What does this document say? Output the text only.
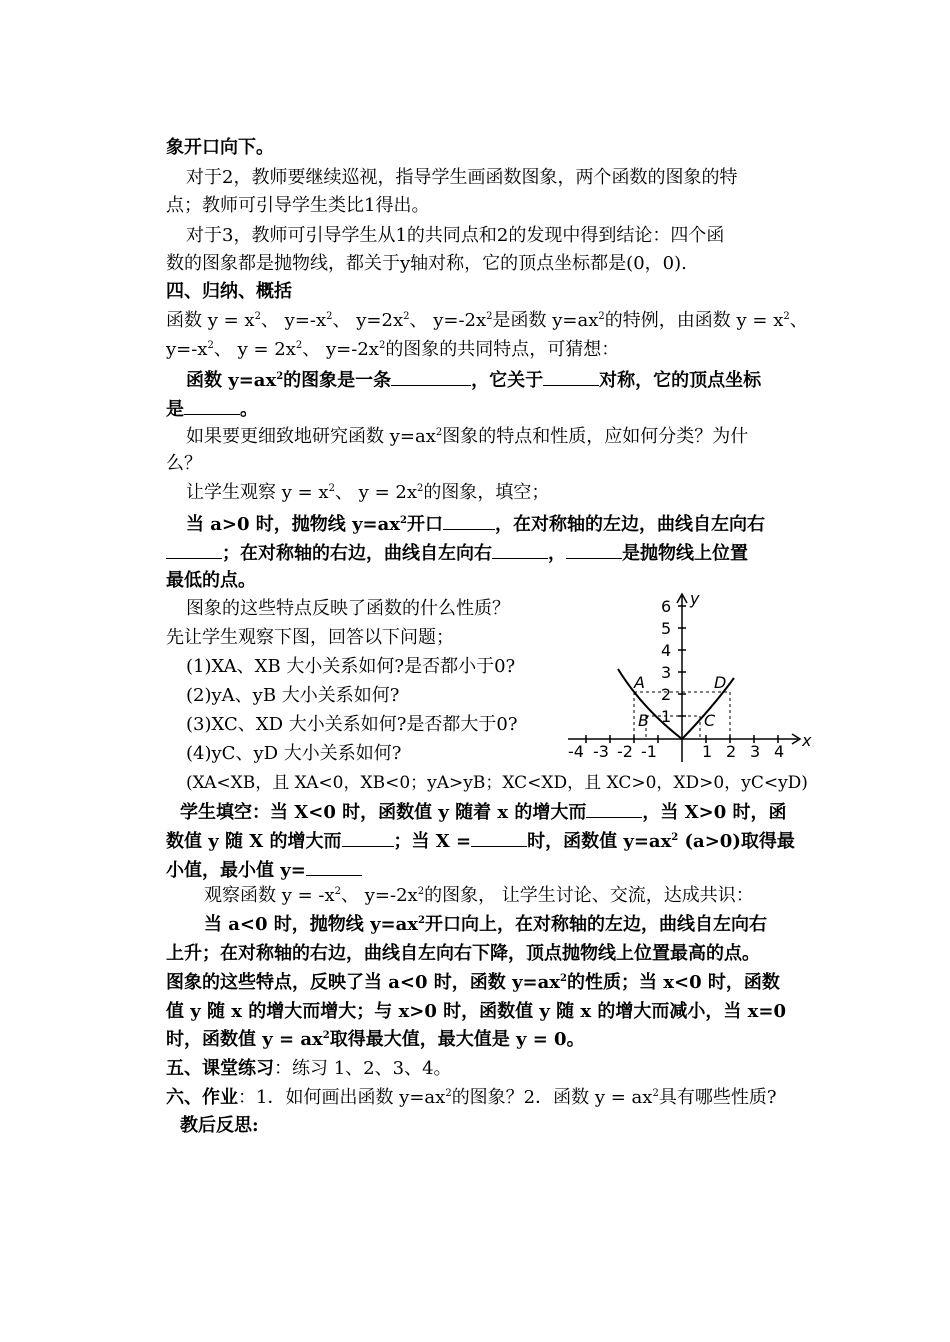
象开口向下。
对于2，教师要继续巡视，指导学生画函数图象，两个函数的图象的特
点；教师可引导学生类比1得出。
对于3，教师可引导学生从1的共同点和2的发现中得到结论：四个函
数的图象都是抛物线，都关于y轴对称，它的顶点坐标都是(0，0).
四、归纳、概括
函数 $y = x^2$、 $y=-x^2$、 $y=2x^2$、 $y=-2x^2$是函数 $y=ax^2$的特例，由函数 $y = x^2$、
$y=-x^2$、 $y = 2x^2$、 $y=-2x^2$的图象的共同特点，可猜想：
函数 $y=ax^2$的图象是一条	，它关于	对称，它的顶点坐标
是	。
如果要更细致地研究函数 $y=ax^2$图象的特点和性质，应如何分类？为什
么？
让学生观察 $y = x^2$、 $y = 2x^2$的图象，填空；
当 a>0 时，抛物线 $y=ax^2$开口	，在对称轴的左边，曲线自左向右
；在对称轴的右边，曲线自左向右	，	是抛物线上位置
最低的点。
图象的这些特点反映了函数的什么性质？
先让学生观察下图，回答以下问题；
(1)XA、XB 大小关系如何?是否都小于0?
(2)yA、yB 大小关系如何?
(3)XC、XD 大小关系如何?是否都大于0?
(4)yC、yD 大小关系如何?
(XA<XB，且 XA<0，XB<0；yA>yB；XC<XD，且 XC>0，XD>0，yC<yD)
6
5
4
3
2
1
-4 -3 -2 -1	1 2 3 4
x
y
A
B	C
D
学生填空：当 X<0 时，函数值 y 随着 x 的增大而	，当 X>0 时，函
数值 y 随 X 的增大而	；当 X =	时，函数值 $y=ax^2$ (a>0)取得最
小值，最小值 y=
观察函数 $y = -x^2$、 $y=-2x^2$的图象， 让学生讨论、交流，达成共识：
当 a<0 时，抛物线 $y=ax^2$开口向上，在对称轴的左边，曲线自左向右
上升；在对称轴的右边，曲线自左向右下降，顶点抛物线上位置最高的点。
图象的这些特点，反映了当 a<0 时，函数 $y=ax^2$的性质；当 x<0 时，函数
值 y 随 x 的增大而增大；与 x>0 时，函数值 y 随 x 的增大而减小，当 x=0
时，函数值 $y = ax^2$取得最大值，最大值是 y = 0。
五、课堂练习：练习 1、2、3、4。
六、作业：1．如何画出函数 $y=ax^2$的图象？2．函数 $y = ax^2$具有哪些性质?
教后反思:
